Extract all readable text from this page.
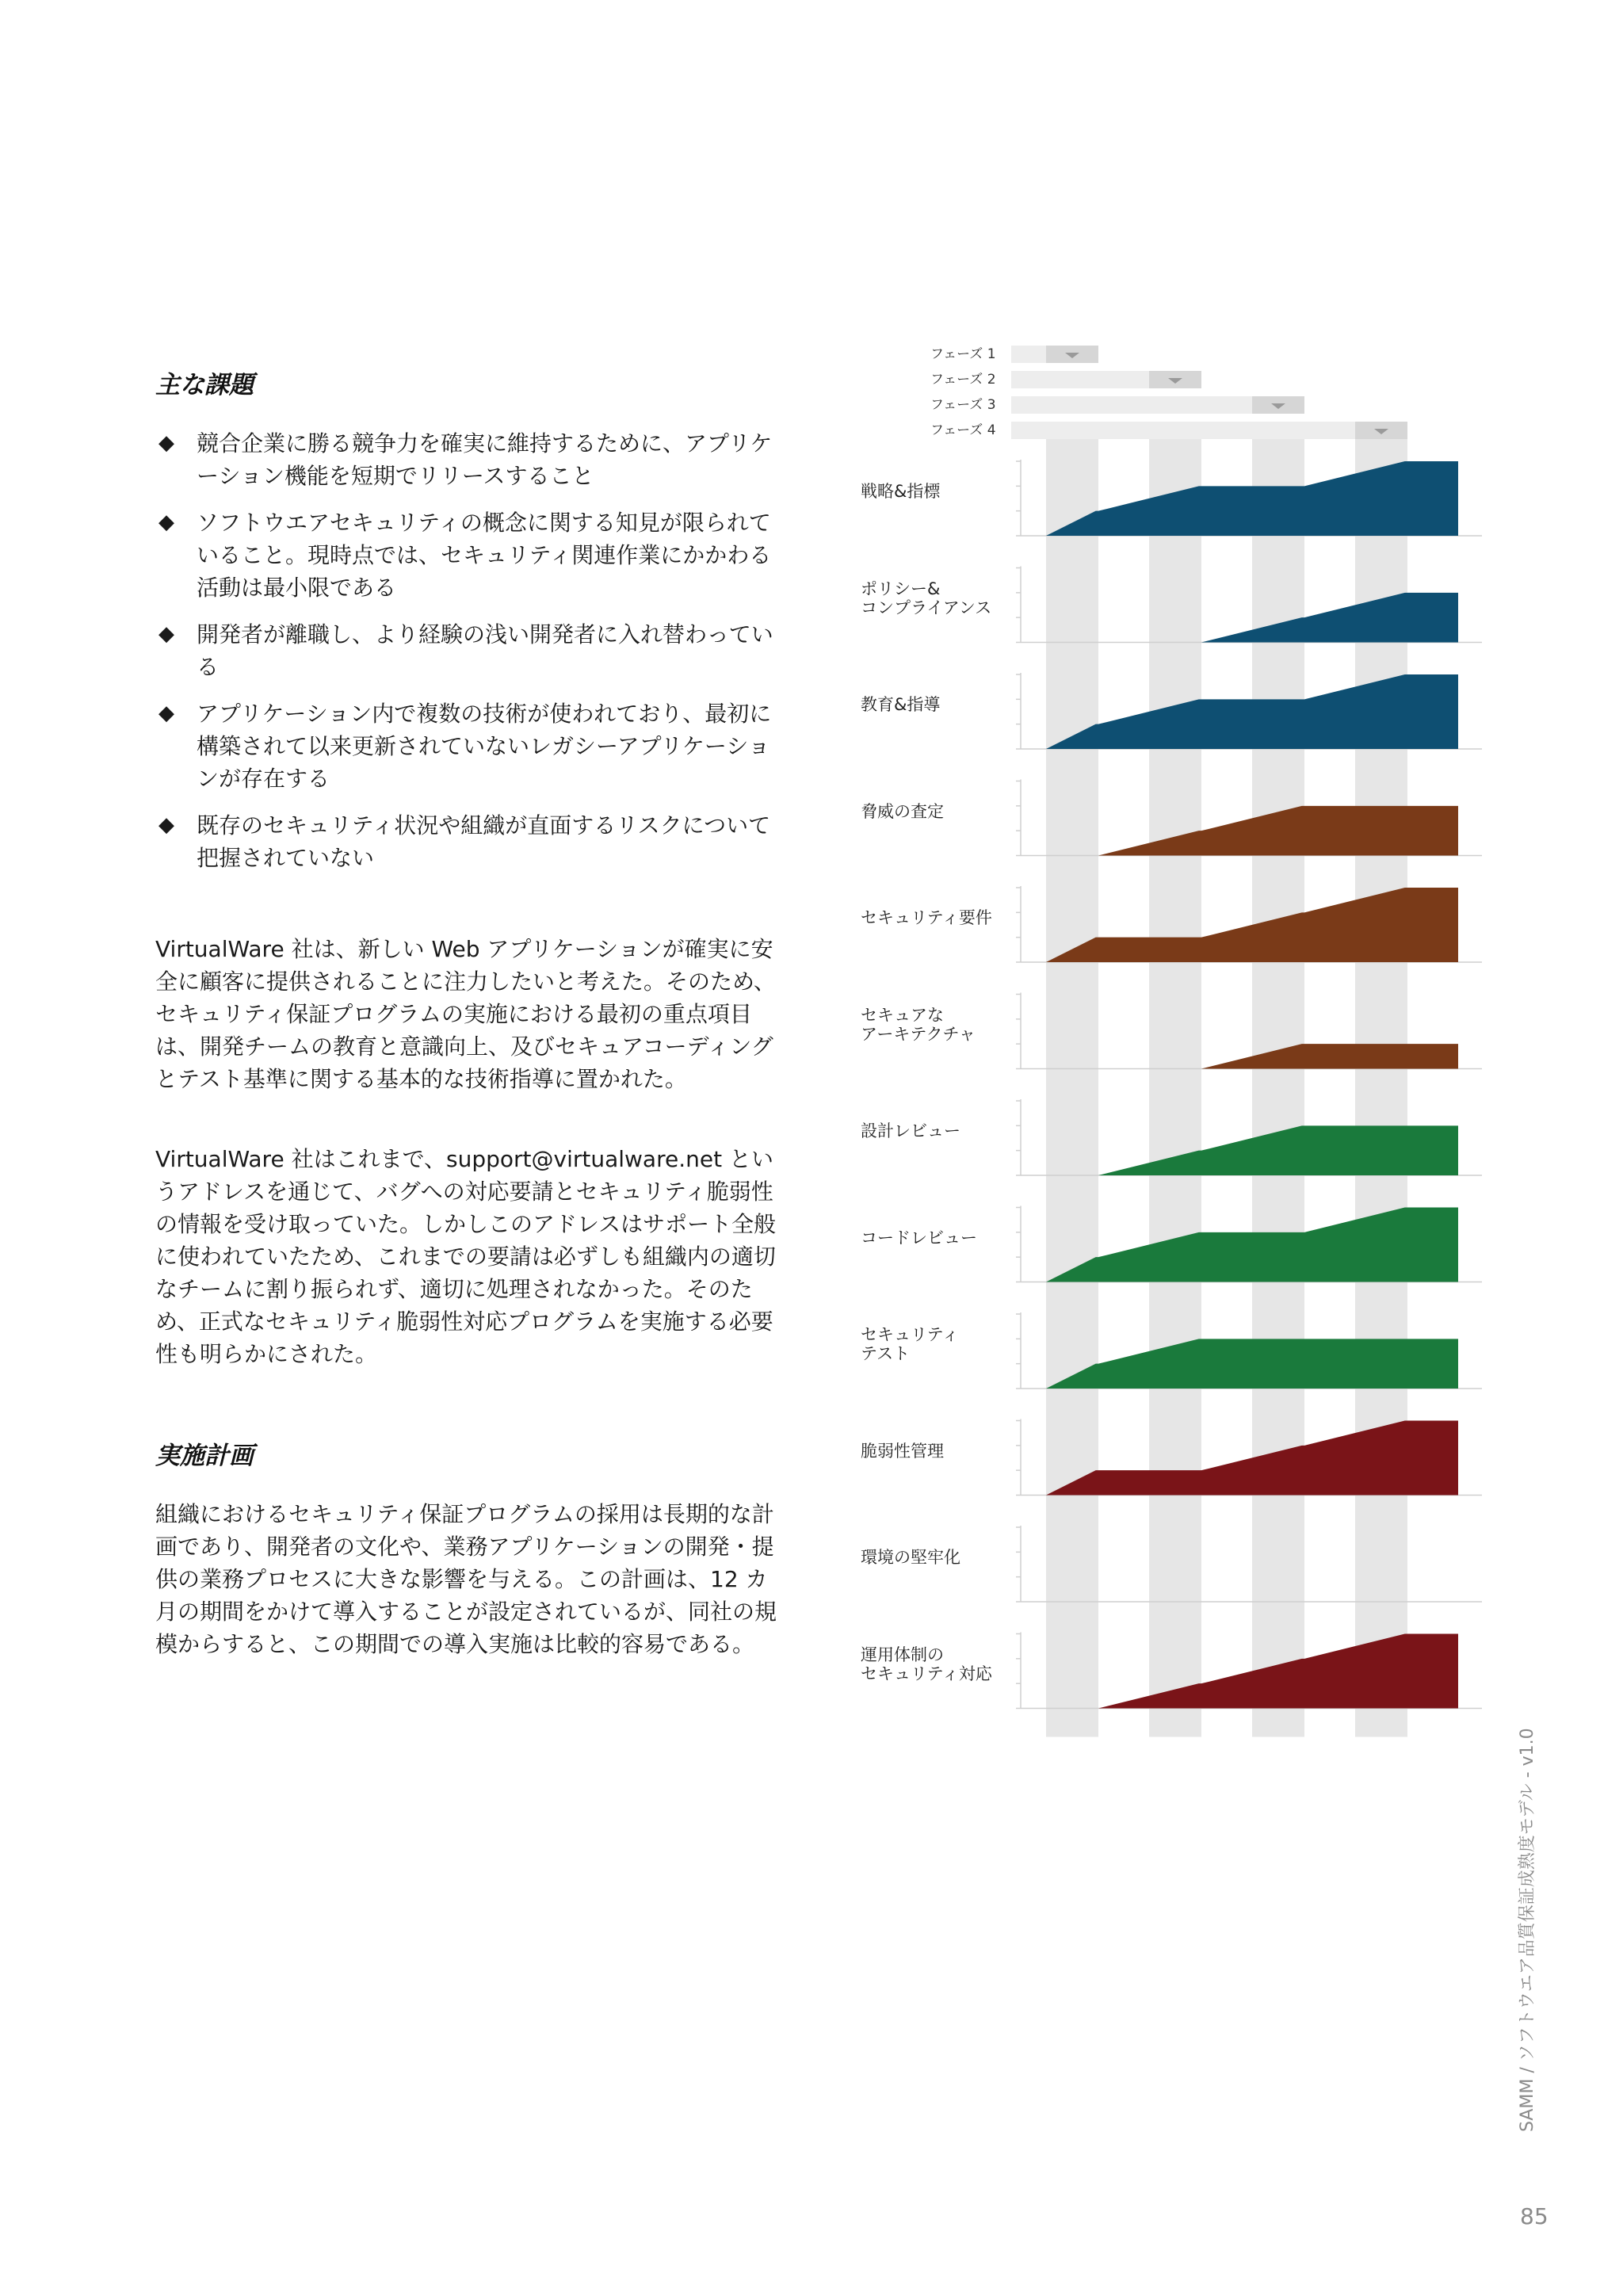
主な課題
◆ 競合企業に勝る競争力を確実に維持するために、アプリケーション機能を短期でリリースすること
◆ ソフトウエアセキュリティの概念に関する知見が限られていること。現時点では、セキュリティ関連作業にかかわる活動は最小限である
◆ 開発者が離職し、より経験の浅い開発者に入れ替わっている
◆ アプリケーション内で複数の技術が使われており、最初に構築されて以来更新されていないレガシーアプリケーションが存在する
◆ 既存のセキュリティ状況や組織が直面するリスクについて把握されていない

VirtualWare 社は、新しい Web アプリケーションが確実に安全に顧客に提供されることに注力したいと考えた。そのため、セキュリティ保証プログラムの実施における最初の重点項目は、開発チームの教育と意識向上、及びセキュアコーディングとテスト基準に関する基本的な技術指導に置かれた。

VirtualWare 社はこれまで、support@virtualware.net というアドレスを通じて、バグへの対応要請とセキュリティ脆弱性の情報を受け取っていた。しかしこのアドレスはサポート全般に使われていたため、これまでの要請は必ずしも組織内の適切なチームに割り振られず、適切に処理されなかった。そのため、正式なセキュリティ脆弱性対応プログラムを実施する必要性も明らかにされた。

実施計画

組織におけるセキュリティ保証プログラムの採用は長期的な計画であり、開発者の文化や、業務アプリケーションの開発・提供の業務プロセスに大きな影響を与える。この計画は、12 カ月の期間をかけて導入することが設定されているが、同社の規模からすると、この期間での導入実施は比較的容易である。

フェーズ 1
フェーズ 2
フェーズ 3
フェーズ 4
戦略&指標
ポリシー&
コンプライアンス
教育&指導
脅威の査定
セキュリティ要件
セキュアな
アーキテクチャ
設計レビュー
コードレビュー
セキュリティ
テスト
脆弱性管理
環境の堅牢化
運用体制の
セキュリティ対応
SAMM / ソフトウエア品質保証成熟度モデル - v1.0
85
